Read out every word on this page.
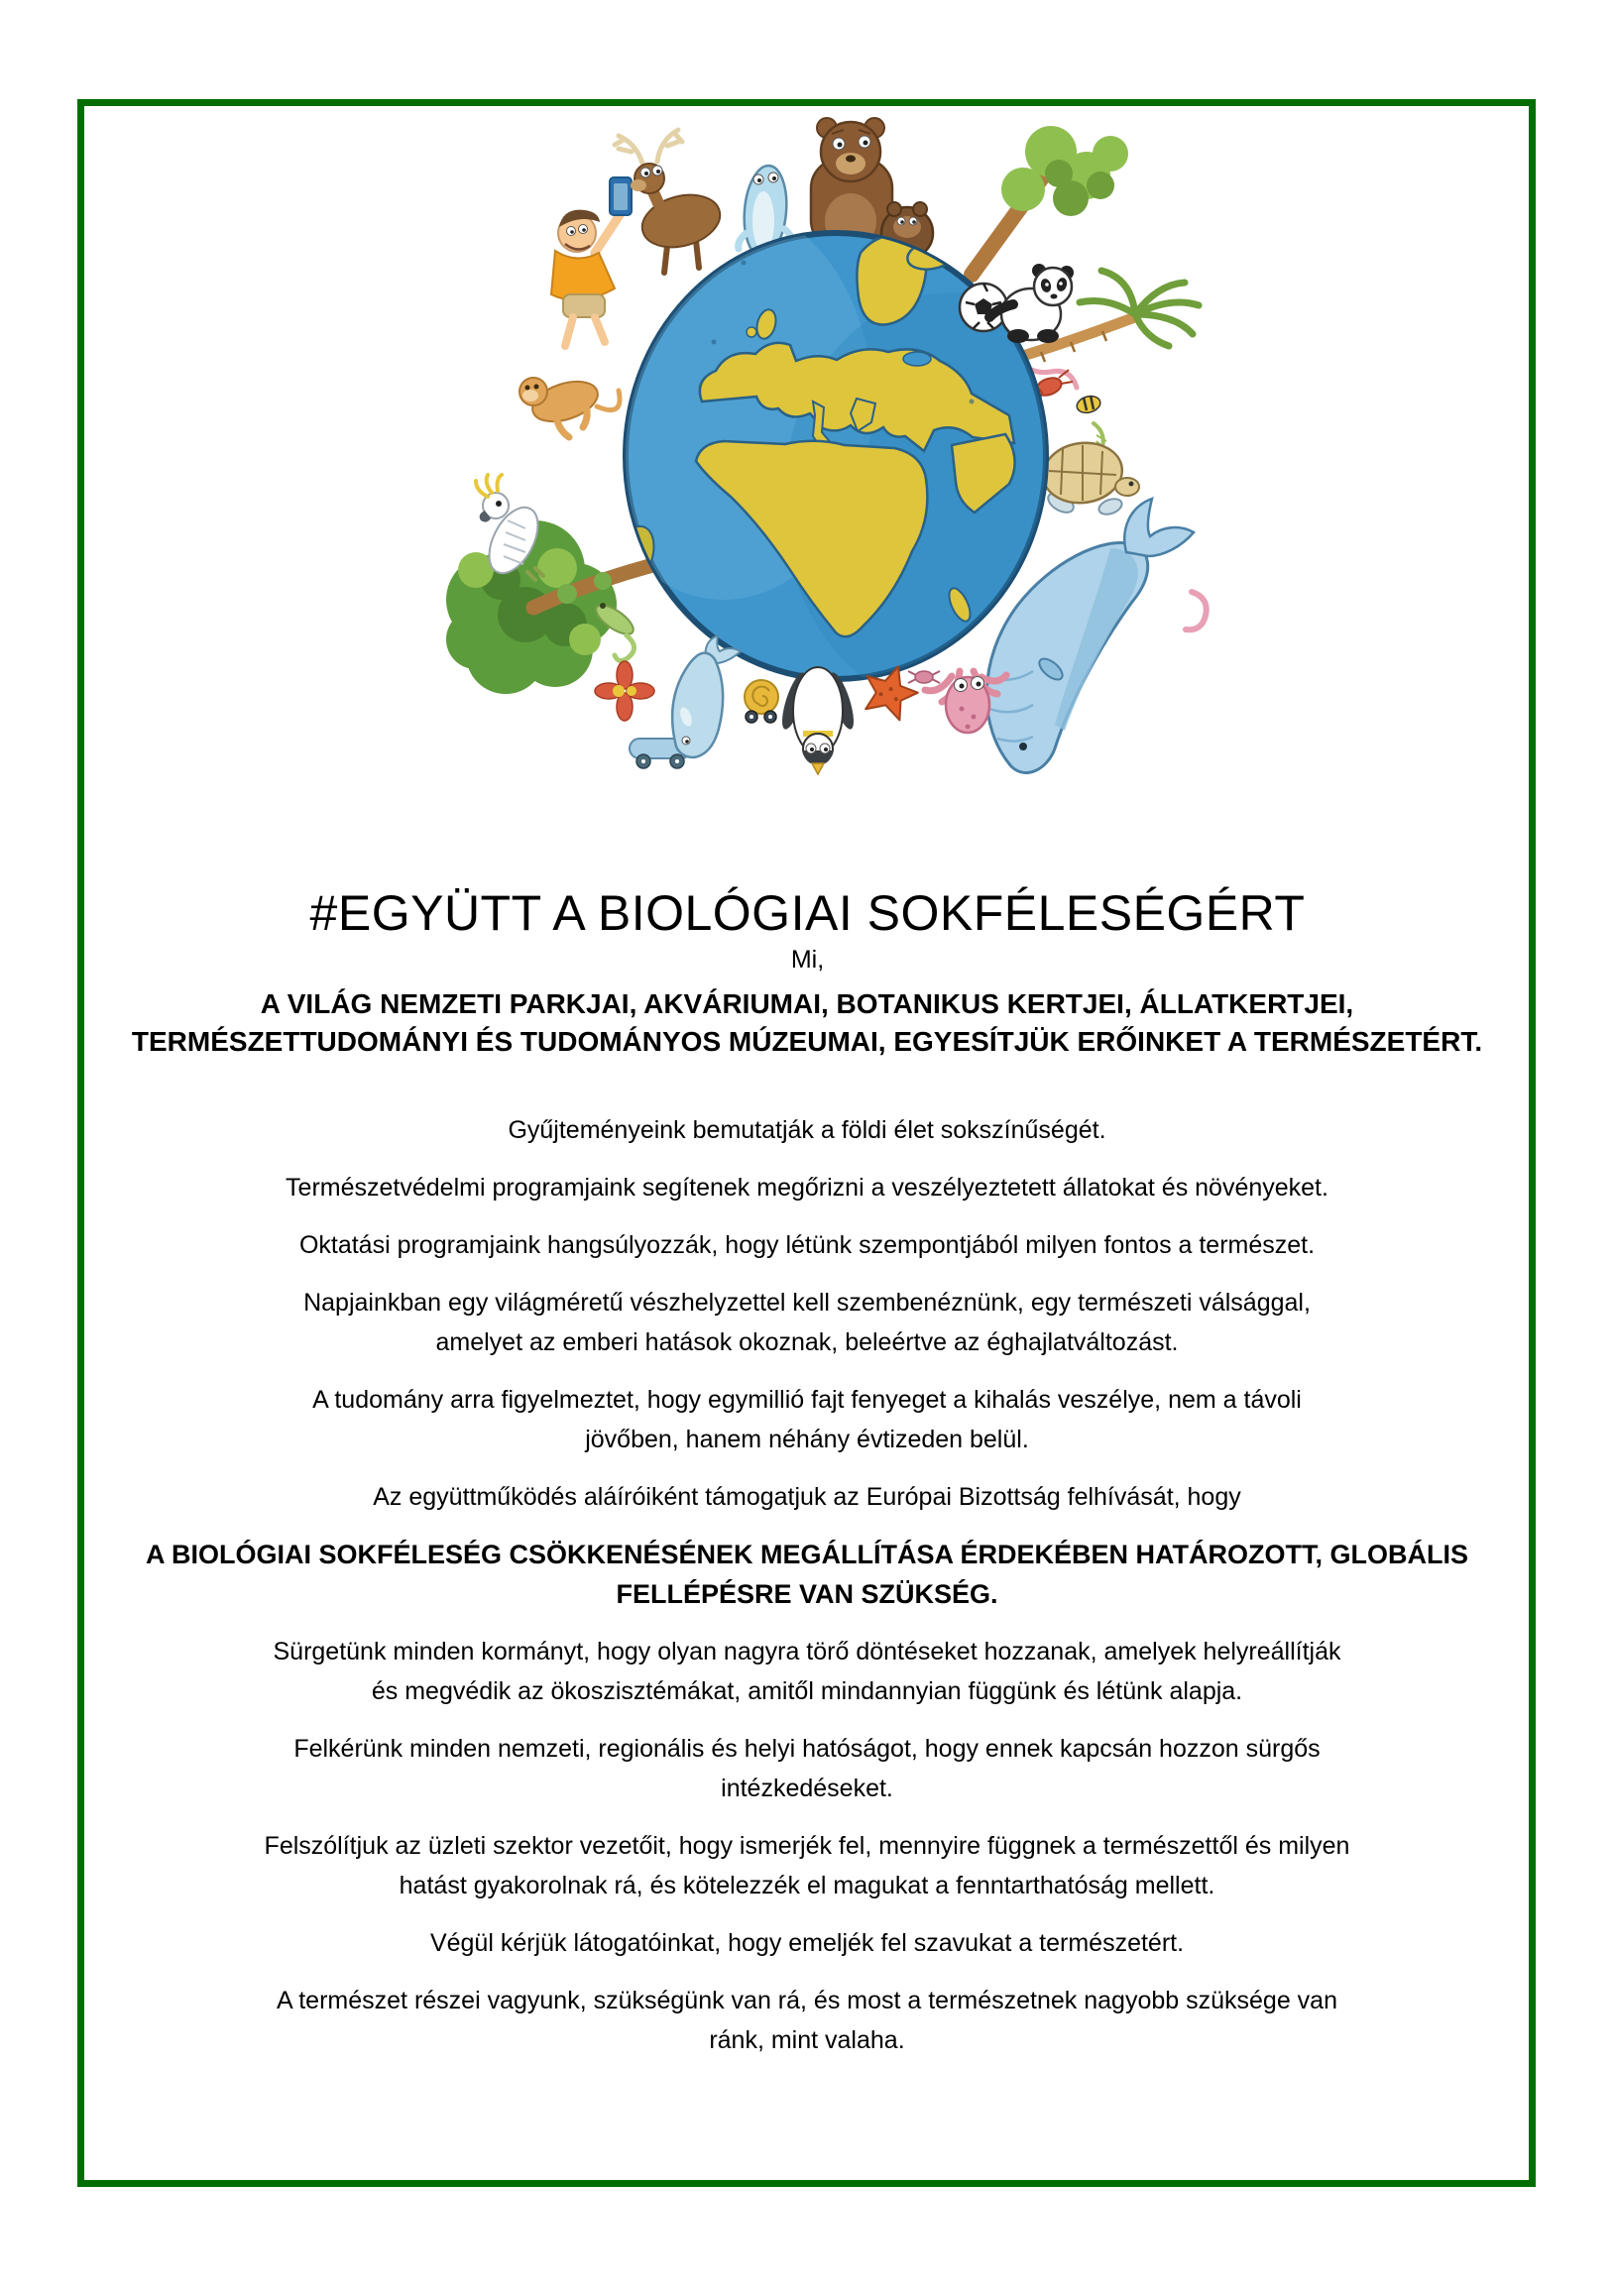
#EGYÜTT A BIOLÓGIAI SOKFÉLESÉGÉRT
Mi,
A VILÁG NEMZETI PARKJAI, AKVÁRIUMAI, BOTANIKUS KERTJEI, ÁLLATKERTJEI,
TERMÉSZETTUDOMÁNYI ÉS TUDOMÁNYOS MÚZEUMAI, EGYESÍTJÜK ERŐINKET A TERMÉSZETÉRT.

Gyűjteményeink bemutatják a földi élet sokszínűségét.

Természetvédelmi programjaink segítenek megőrizni a veszélyeztetett állatokat és növényeket.

Oktatási programjaink hangsúlyozzák, hogy létünk szempontjából milyen fontos a természet.

Napjainkban egy világméretű vészhelyzettel kell szembenéznünk, egy természeti válsággal,
amelyet az emberi hatások okoznak, beleértve az éghajlatváltozást.

A tudomány arra figyelmeztet, hogy egymillió fajt fenyeget a kihalás veszélye, nem a távoli
jövőben, hanem néhány évtizeden belül.

Az együttműködés aláíróiként támogatjuk az Európai Bizottság felhívását, hogy

A BIOLÓGIAI SOKFÉLESÉG CSÖKKENÉSÉNEK MEGÁLLÍTÁSA ÉRDEKÉBEN HATÁROZOTT, GLOBÁLIS
FELLÉPÉSRE VAN SZÜKSÉG.

Sürgetünk minden kormányt, hogy olyan nagyra törő döntéseket hozzanak, amelyek helyreállítják
és megvédik az ökoszisztémákat, amitől mindannyian függünk és létünk alapja.

Felkérünk minden nemzeti, regionális és helyi hatóságot, hogy ennek kapcsán hozzon sürgős
intézkedéseket.

Felszólítjuk az üzleti szektor vezetőit, hogy ismerjék fel, mennyire függnek a természettől és milyen
hatást gyakorolnak rá, és kötelezzék el magukat a fenntarthatóság mellett.

Végül kérjük látogatóinkat, hogy emeljék fel szavukat a természetért.

A természet részei vagyunk, szükségünk van rá, és most a természetnek nagyobb szüksége van
ránk, mint valaha.
